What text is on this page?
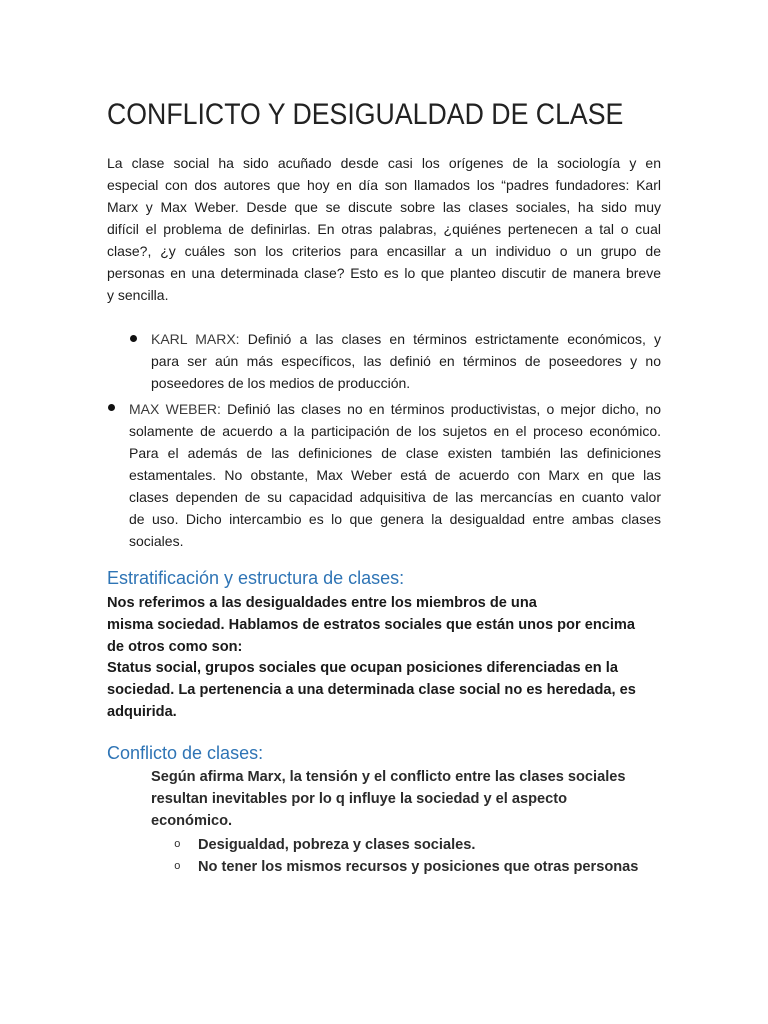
CONFLICTO Y DESIGUALDAD DE CLASE
La clase social ha sido acuñado desde casi los orígenes de la sociología y en
especial con dos autores que hoy en día son llamados los “padres fundadores: Karl
Marx y Max Weber. Desde que se discute sobre las clases sociales, ha sido muy
difícil el problema de definirlas. En otras palabras, ¿quiénes pertenecen a tal o cual
clase?, ¿y cuáles son los criterios para encasillar a un individuo o un grupo de
personas en una determinada clase? Esto es lo que planteo discutir de manera breve
y sencilla.
KARL MARX: Definió a las clases en términos estrictamente económicos, y
para ser aún más específicos, las definió en términos de poseedores y no
poseedores de los medios de producción.
MAX WEBER: Definió las clases no en términos productivistas, o mejor dicho, no
solamente de acuerdo a la participación de los sujetos en el proceso económico.
Para el además de las definiciones de clase existen también las definiciones
estamentales. No obstante, Max Weber está de acuerdo con Marx en que las
clases dependen de su capacidad adquisitiva de las mercancías en cuanto valor
de uso. Dicho intercambio es lo que genera la desigualdad entre ambas clases
sociales.
Estratificación y estructura de clases:
Nos referimos a las desigualdades entre los miembros de una
misma sociedad. Hablamos de estratos sociales que están unos por encima
de otros como son:
Status social, grupos sociales que ocupan posiciones diferenciadas en la
sociedad. La pertenencia a una determinada clase social no es heredada, es
adquirida.
Conflicto de clases:
Según afirma Marx, la tensión y el conflicto entre las clases sociales
resultan inevitables por lo q influye la sociedad y el aspecto
económico.
o Desigualdad, pobreza y clases sociales.
o No tener los mismos recursos y posiciones que otras personas
